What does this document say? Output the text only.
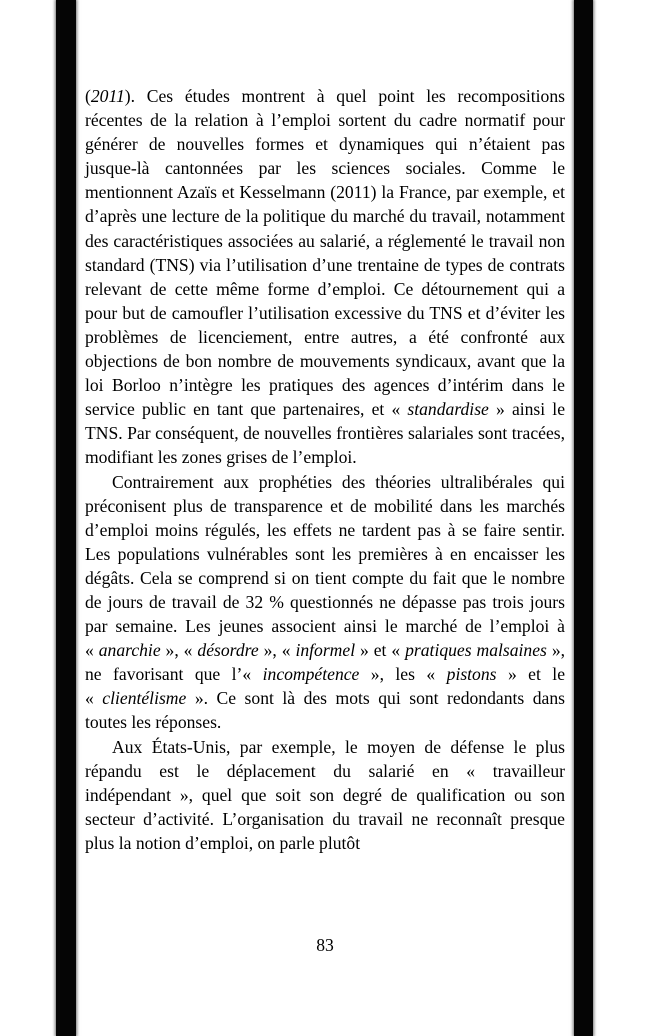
(2011). Ces études montrent à quel point les recompositions récentes de la relation à l’emploi sortent du cadre normatif pour générer de nouvelles formes et dynamiques qui n’étaient pas jusque-là cantonnées par les sciences sociales. Comme le mentionnent Azaïs et Kesselmann (2011) la France, par exemple, et d’après une lecture de la politique du marché du travail, notamment des caractéristiques associées au salarié, a réglementé le travail non standard (TNS) via l’utilisation d’une trentaine de types de contrats relevant de cette même forme d’emploi. Ce détournement qui a pour but de camoufler l’utilisation excessive du TNS et d’éviter les problèmes de licenciement, entre autres, a été confronté aux objections de bon nombre de mouvements syndicaux, avant que la loi Borloo n’intègre les pratiques des agences d’intérim dans le service public en tant que partenaires, et « standardise » ainsi le TNS. Par conséquent, de nouvelles frontières salariales sont tracées, modifiant les zones grises de l’emploi.

Contrairement aux prophéties des théories ultralibérales qui préconisent plus de transparence et de mobilité dans les marchés d’emploi moins régulés, les effets ne tardent pas à se faire sentir. Les populations vulnérables sont les premières à en encaisser les dégâts. Cela se comprend si on tient compte du fait que le nombre de jours de travail de 32 % questionnés ne dépasse pas trois jours par semaine. Les jeunes associent ainsi le marché de l’emploi à « anarchie », « désordre », « informel » et « pratiques malsaines », ne favorisant que l’« incompétence », les « pistons » et le « clientélisme ». Ce sont là des mots qui sont redondants dans toutes les réponses.

Aux États-Unis, par exemple, le moyen de défense le plus répandu est le déplacement du salarié en « travailleur indépendant », quel que soit son degré de qualification ou son secteur d’activité. L’organisation du travail ne reconnaît presque plus la notion d’emploi, on parle plutôt

83
